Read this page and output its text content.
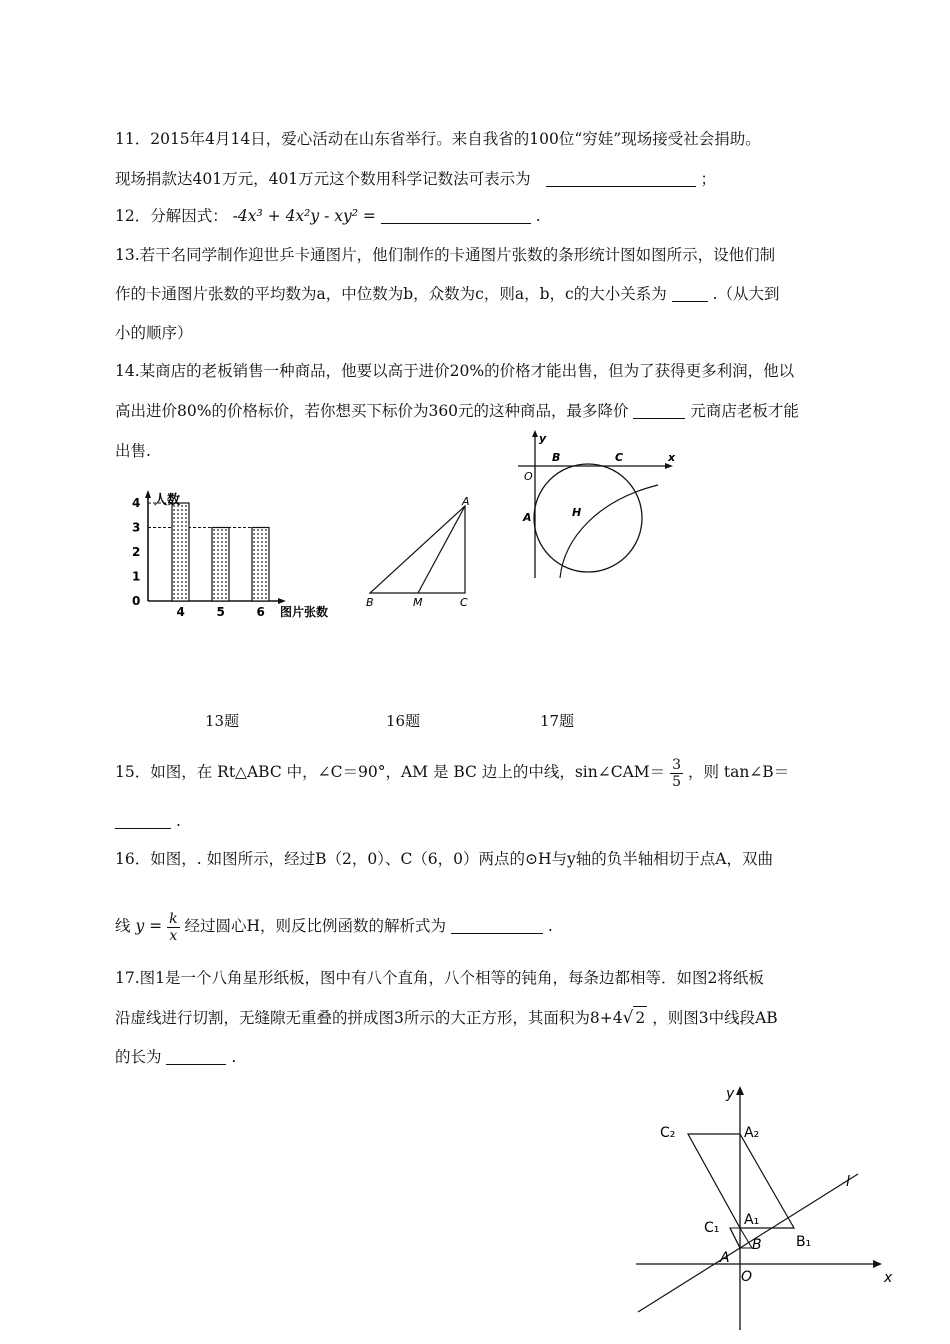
11．2015年4月14日，爱心活动在山东省举行。来自我省的100位“穷娃”现场接受社会捐助。
现场捐款达401万元，401万元这个数用科学记数法可表示为	；
12．分解因式： -4x³ + 4x²y - xy² =	.
13.若干名同学制作迎世乒卡通图片，他们制作的卡通图片张数的条形统计图如图所示，设他们制
作的卡通图片张数的平均数为a，中位数为b，众数为c，则a，b，c的大小关系为	.（从大到
小的顺序）
14.某商店的老板销售一种商品，他要以高于进价20%的价格才能出售，但为了获得更多利润，他以
高出进价80%的价格标价，若你想买下标价为360元的这种商品，最多降价	元商店老板才能
出售.
0
1
2
3
4
4	5	6
人数
图片张数
A
B	M	C
y
x
O
B	C
A	H
13题	16题	17题
15．如图，在 Rt△ABC 中，∠C＝90°，AM 是 BC 边上的中线，sin∠CAM＝ $\frac{3}{5}$ ，则 tan∠B＝
.
16．如图，. 如图所示，经过B（2，0）、C（6，0）两点的⊙H与y轴的负半轴相切于点A，双曲
线 $y = \frac{k}{x}$ 经过圆心H，则反比例函数的解析式为	.
17.图1是一个八角星形纸板，图中有八个直角，八个相等的钝角，每条边都相等．如图2将纸板
沿虚线进行切割，无缝隙无重叠的拼成图3所示的大正方形，其面积为8+4√ 2 ，则图3中线段AB
的长为	.
y
x
l
A₂
C₂
A₁
C₁
B₁
B
A
O
